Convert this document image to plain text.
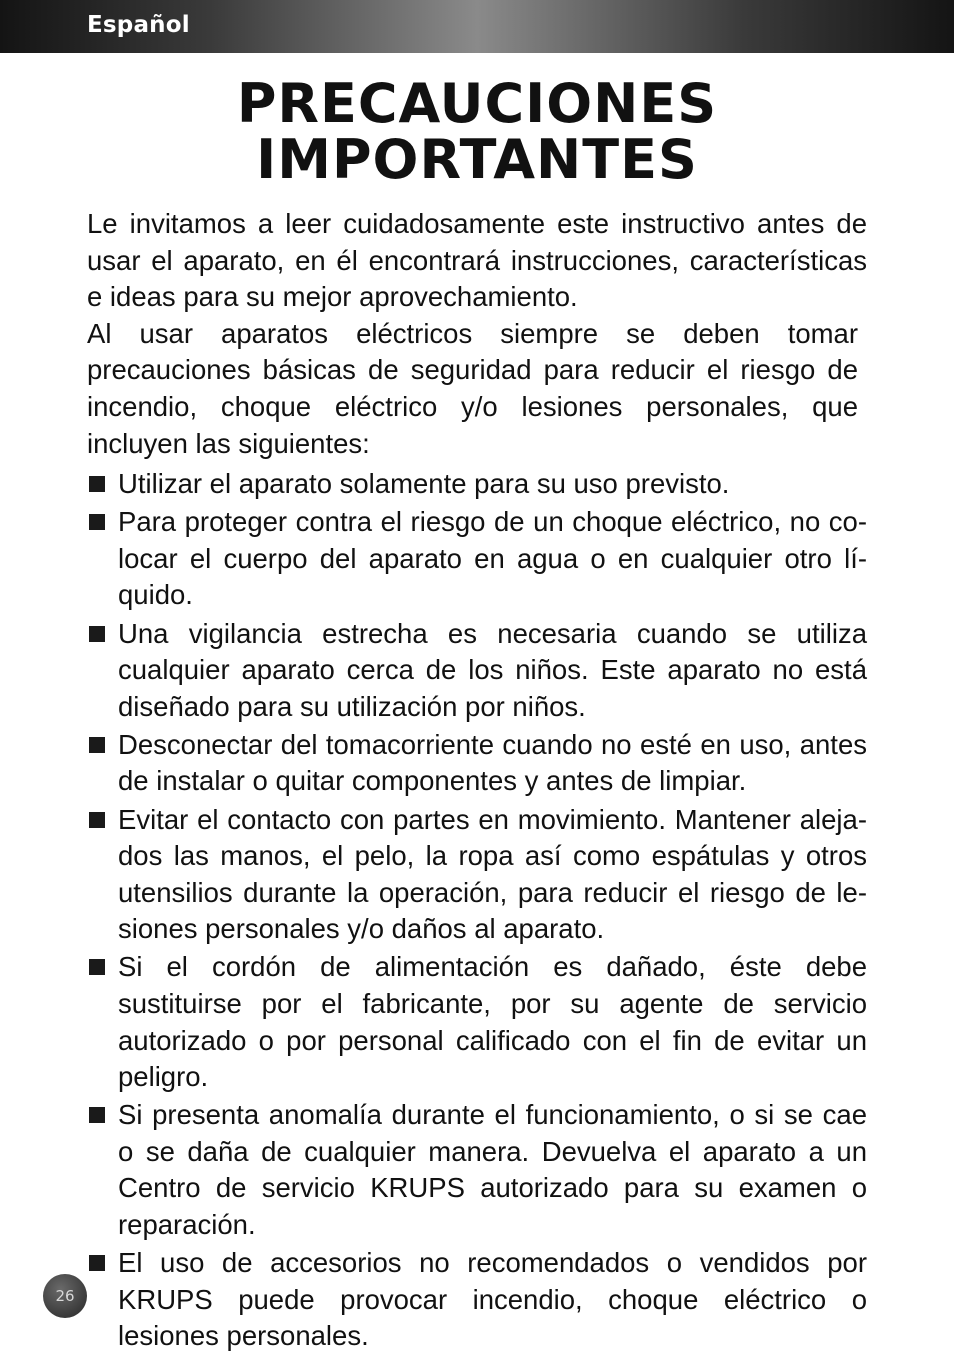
Español
PRECAUCIONES
IMPORTANTES

Le invitamos a leer cuidadosamente este instructivo antes de usar el aparato, en él encontrará instrucciones, características e ideas para su mejor aprovechamiento.

Al usar aparatos eléctricos siempre se deben tomar precauciones básicas de seguridad para reducir el riesgo de incendio, choque eléctrico y/o lesiones personales, que incluyen las siguientes:

Utilizar el aparato solamente para su uso previsto.
Para proteger contra el riesgo de un choque eléctrico, no co-locar el cuerpo del aparato en agua o en cualquier otro lí-quido.
Una vigilancia estrecha es necesaria cuando se utiliza cualquier aparato cerca de los niños. Este aparato no está diseñado para su utilización por niños.
Desconectar del tomacorriente cuando no esté en uso, antes de instalar o quitar componentes y antes de limpiar.
Evitar el contacto con partes en movimiento. Mantener aleja-dos las manos, el pelo, la ropa así como espátulas y otros utensilios durante la operación, para reducir el riesgo de le-siones personales y/o daños al aparato.
Si el cordón de alimentación es dañado, éste debe sustituirse por el fabricante, por su agente de servicio autorizado o por personal calificado con el fin de evitar un peligro.
Si presenta anomalía durante el funcionamiento, o si se cae o se daña de cualquier manera. Devuelva el aparato a un Centro de servicio KRUPS autorizado para su examen o reparación.
El uso de accesorios no recomendados o vendidos por KRUPS puede provocar incendio, choque eléctrico o lesiones personales.
26
